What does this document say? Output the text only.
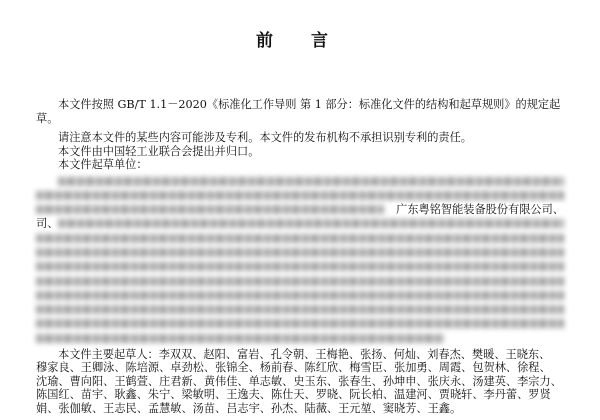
前 言

本文件按照 GB/T 1.1－2020《标准化工作导则 第 1 部分：标准化文件的结构和起草规则》的规定起

草。

请注意本文件的某些内容可能涉及专利。本文件的发布机构不承担识别专利的责任。

本文件由中国轻工业联合会提出并归口。

本文件起草单位：

广东粤铭智能装备股份有限公司、
司、

本文件主要起草人：李双双、赵阳、富岩、孔令朝、王梅艳、张扬、何灿、刘春杰、樊暖、王晓东、

穆家良、王卿泳、陈培源、卓劲松、张锦全、杨前春、陈红欣、梅雪臣、张加勇、周霞、包贺林、徐程、

沈瑜、曹向阳、王鹤萱、庄君新、黄伟佳、单志敏、史玉东、张春生、孙坤申、张庆永、汤建英、李宗力、

陈国红、苗宇、耿鑫、朱宁、梁敏明、王逸夫、陈仕天、罗晓、阮长柏、温建河、贾晓轩、李丹蕾、罗贤

娟、张伽敏、王志民、孟慧敏、汤苗、吕志宇、孙杰、陆薇、王元堃、窦晓芳、王鑫。
